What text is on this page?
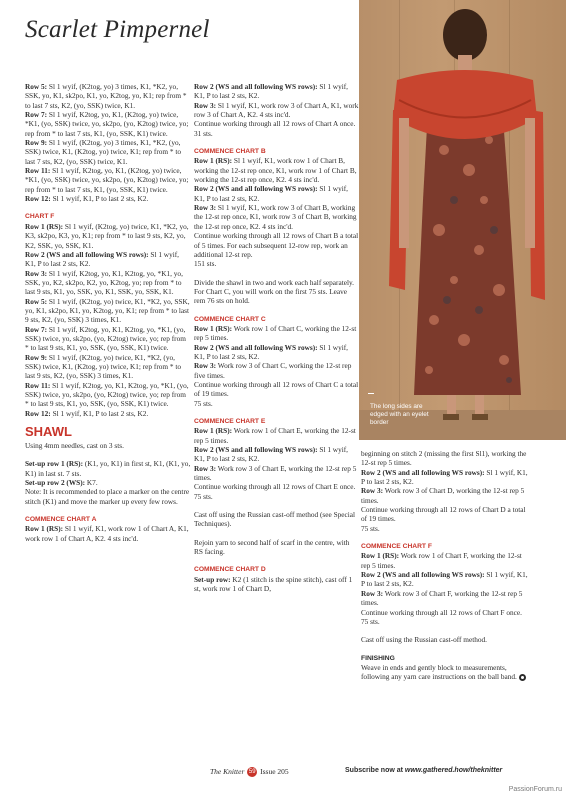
Scarlet Pimpernel
The long sides are edged with an eyelet border

Row 5: Sl 1 wyif, (K2tog, yo) 3 times, K1, *K2, yo, SSK, yo, K1, sk2po, K1, yo, K2tog, yo, K1; rep from * to last 7 sts, K2, (yo, SSK) twice, K1.

Row 7: Sl 1 wyif, K2tog, yo, K1, (K2tog, yo) twice, *K1, (yo, SSK) twice, yo, sk2po, (yo, K2tog) twice, yo; rep from * to last 7 sts, K1, (yo, SSK, K1) twice.

Row 9: Sl 1 wyif, (K2tog, yo) 3 times, K1, *K2, (yo, SSK) twice, K1, (K2tog, yo) twice, K1; rep from * to last 7 sts, K2, (yo, SSK) twice, K1.

Row 11: Sl 1 wyif, K2tog, yo, K1, (K2tog, yo) twice, *K1, (yo, SSK) twice, yo, sk2po, (yo, K2tog) twice, yo; rep from * to last 7 sts, K1, (yo, SSK, K1) twice.

Row 12: Sl 1 wyif, K1, P to last 2 sts, K2.

CHART F

Row 1 (RS): Sl 1 wyif, (K2tog, yo) twice, K1, *K2, yo, K3, sk2po, K3, yo, K1; rep from * to last 9 sts, K2, yo, K2, SSK, yo, SSK, K1.

Row 2 (WS and all following WS rows): Sl 1 wyif, K1, P to last 2 sts, K2.

Row 3: Sl 1 wyif, K2tog, yo, K1, K2tog, yo, *K1, yo, SSK, yo, K2, sk2po, K2, yo, K2tog, yo; rep from * to last 9 sts, K1, yo, SSK, yo, K1, SSK, yo, SSK, K1.

Row 5: Sl 1 wyif, (K2tog, yo) twice, K1, *K2, yo, SSK, yo, K1, sk2po, K1, yo, K2tog, yo, K1; rep from * to last 9 sts, K2, (yo, SSK) 3 times, K1.

Row 7: Sl 1 wyif, K2tog, yo, K1, K2tog, yo, *K1, (yo, SSK) twice, yo, sk2po, (yo, K2tog) twice, yo; rep from * to last 9 sts, K1, yo, SSK, (yo, SSK, K1) twice.

Row 9: Sl 1 wyif, (K2tog, yo) twice, K1, *K2, (yo, SSK) twice, K1, (K2tog, yo) twice, K1; rep from * to last 9 sts, K2, (yo, SSK) 3 times, K1.

Row 11: Sl 1 wyif, K2tog, yo, K1, K2tog, yo, *K1, (yo, SSK) twice, yo, sk2po, (yo, K2tog) twice, yo; rep from * to last 9 sts, K1, yo, SSK, (yo, SSK, K1) twice.

Row 12: Sl 1 wyif, K1, P to last 2 sts, K2.

SHAWL

Using 4mm needles, cast on 3 sts.

Set-up row 1 (RS): (K1, yo, K1) in first st, K1, (K1, yo, K1) in last st. 7 sts.

Set-up row 2 (WS): K7.

Note: It is recommended to place a marker on the centre stitch (K1) and move the marker up every few rows.

COMMENCE CHART A

Row 1 (RS): Sl 1 wyif, K1, work row 1 of Chart A, K1, work row 1 of Chart A, K2. 4 sts inc'd.

Row 2 (WS and all following WS rows): Sl 1 wyif, K1, P to last 2 sts, K2.

Row 3: Sl 1 wyif, K1, work row 3 of Chart A, K1, work row 3 of Chart A, K2. 4 sts inc'd.

Continue working through all 12 rows of Chart A once.

31 sts.

COMMENCE CHART B

Row 1 (RS): Sl 1 wyif, K1, work row 1 of Chart B, working the 12-st rep once, K1, work row 1 of Chart B, working the 12-st rep once, K2. 4 sts inc'd.

Row 2 (WS and all following WS rows): Sl 1 wyif, K1, P to last 2 sts, K2.

Row 3: Sl 1 wyif, K1, work row 3 of Chart B, working the 12-st rep once, K1, work row 3 of Chart B, working the 12-st rep once, K2. 4 sts inc'd.

Continue working through all 12 rows of Chart B a total of 5 times. For each subsequent 12-row rep, work an additional 12-st rep.

151 sts.

Divide the shawl in two and work each half separately. For Chart C, you will work on the first 75 sts. Leave rem 76 sts on hold.

COMMENCE CHART C

Row 1 (RS): Work row 1 of Chart C, working the 12-st rep 5 times.

Row 2 (WS and all following WS rows): Sl 1 wyif, K1, P to last 2 sts, K2.

Row 3: Work row 3 of Chart C, working the 12-st rep five times.

Continue working through all 12 rows of Chart C a total of 19 times.

75 sts.

COMMENCE CHART E

Row 1 (RS): Work row 1 of Chart E, working the 12-st rep 5 times.

Row 2 (WS and all following WS rows): Sl 1 wyif, K1, P to last 2 sts, K2.

Row 3: Work row 3 of Chart E, working the 12-st rep 5 times.

Continue working through all 12 rows of Chart E once.

75 sts.

Cast off using the Russian cast-off method (see Special Techniques).

Rejoin yarn to second half of scarf in the centre, with RS facing.

COMMENCE CHART D

Set-up row: K2 (1 stitch is the spine stitch), cast off 1 st, work row 1 of Chart D,

beginning on stitch 2 (missing the first Sl1), working the 12-st rep 5 times.

Row 2 (WS and all following WS rows): Sl 1 wyif, K1, P to last 2 sts, K2.

Row 3: Work row 3 of Chart D, working the 12-st rep 5 times.

Continue working through all 12 rows of Chart D a total of 19 times.

75 sts.

COMMENCE CHART F

Row 1 (RS): Work row 1 of Chart F, working the 12-st rep 5 times.

Row 2 (WS and all following WS rows): Sl 1 wyif, K1, P to last 2 sts, K2.

Row 3: Work row 3 of Chart F, working the 12-st rep 5 times.

Continue working through all 12 rows of Chart F once.

75 sts.

Cast off using the Russian cast-off method.

FINISHING

Weave in ends and gently block to measurements, following any yarn care instructions on the ball band.

The Knitter 59 Issue 205	Subscribe now at www.gathered.how/theknitter
PassionForum.ru
